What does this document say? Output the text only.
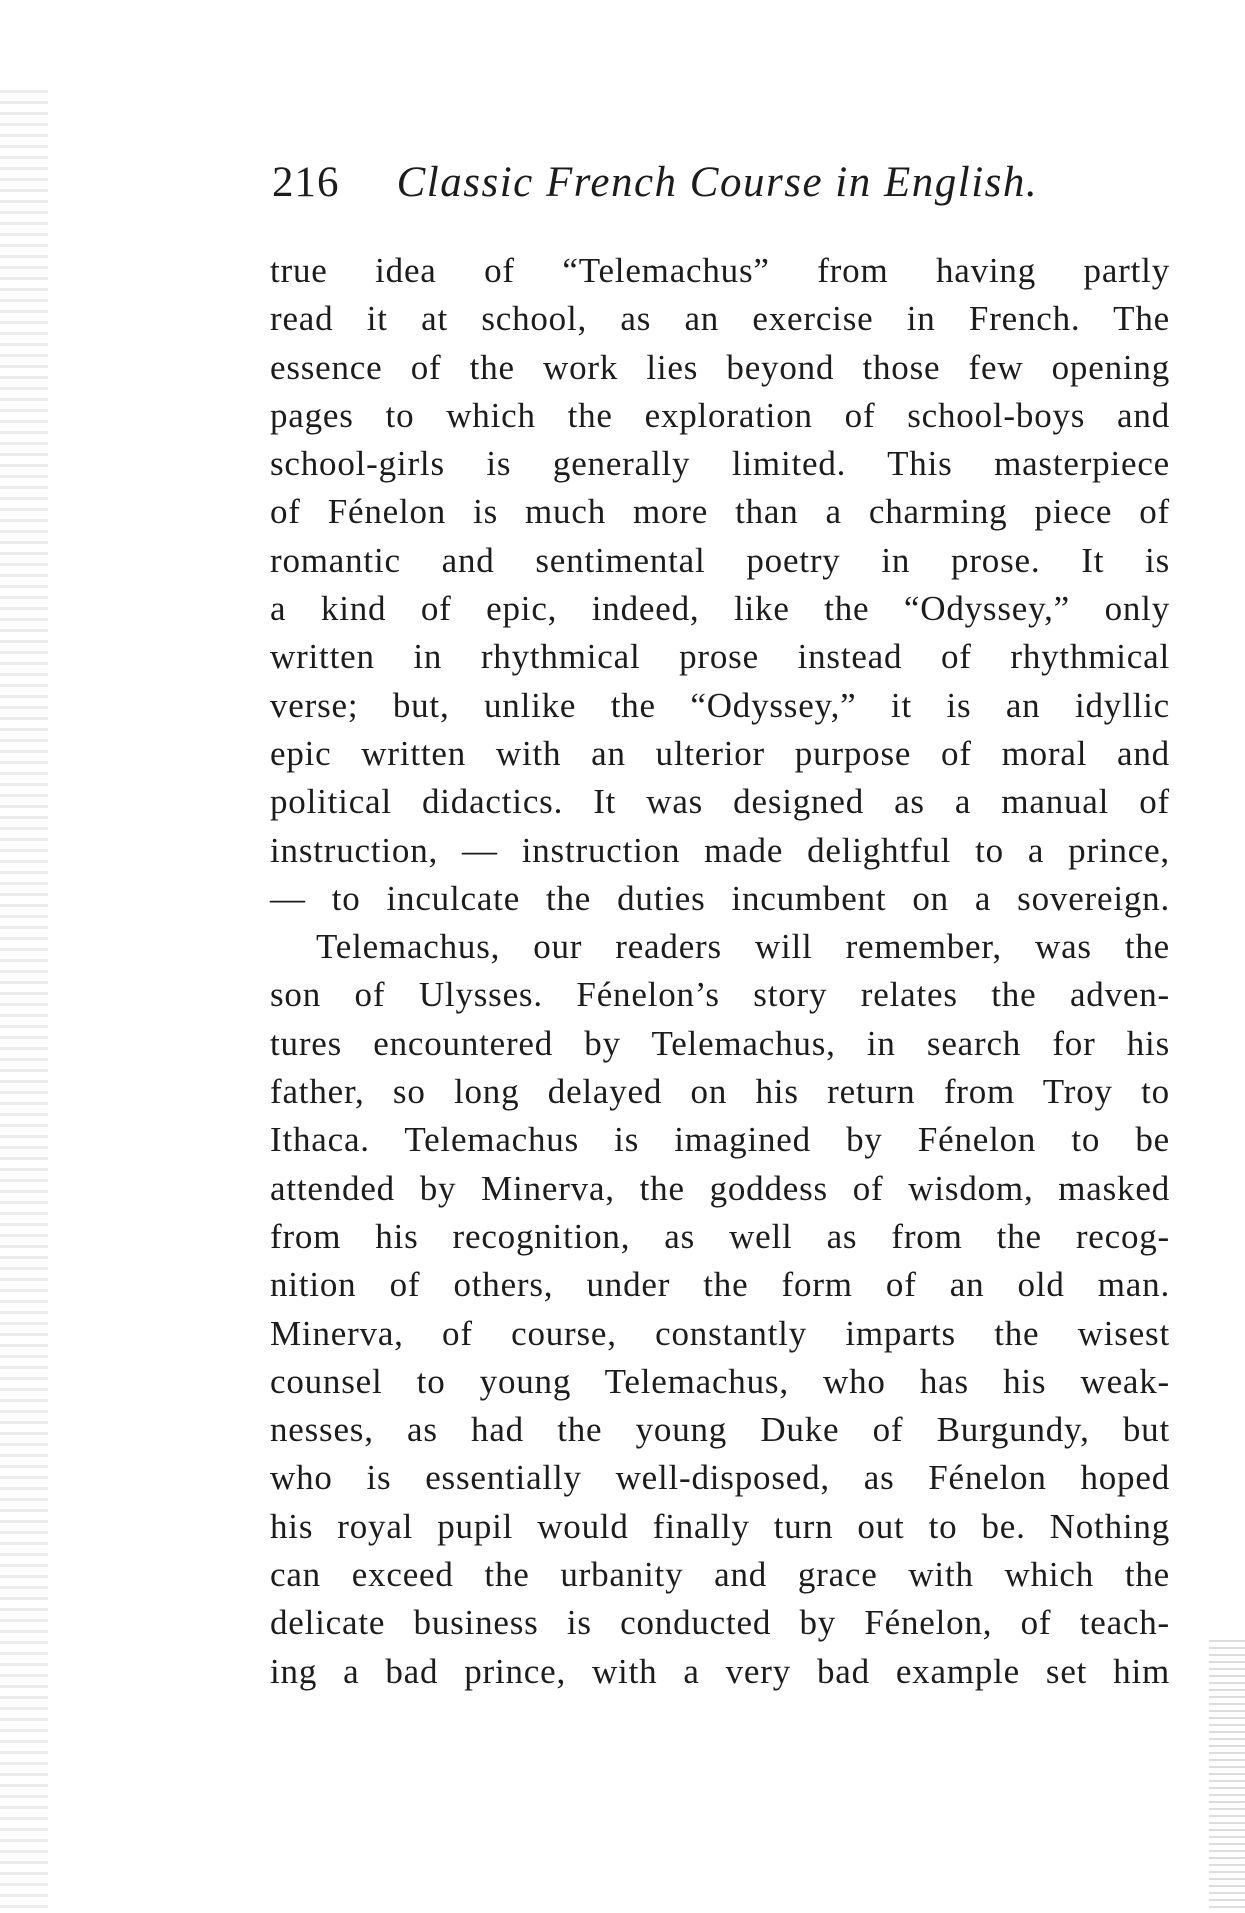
216 Classic French Course in English.
true idea of “Telemachus” from having partly
read it at school, as an exercise in French. The
essence of the work lies beyond those few opening
pages to which the exploration of school-boys and
school-girls is generally limited. This masterpiece
of Fénelon is much more than a charming piece of
romantic and sentimental poetry in prose. It is
a kind of epic, indeed, like the “Odyssey,” only
written in rhythmical prose instead of rhythmical
verse; but, unlike the “Odyssey,” it is an idyllic
epic written with an ulterior purpose of moral and
political didactics. It was designed as a manual of
instruction, — instruction made delightful to a prince,
— to inculcate the duties incumbent on a sovereign.
Telemachus, our readers will remember, was the
son of Ulysses. Fénelon’s story relates the adven-
tures encountered by Telemachus, in search for his
father, so long delayed on his return from Troy to
Ithaca. Telemachus is imagined by Fénelon to be
attended by Minerva, the goddess of wisdom, masked
from his recognition, as well as from the recog-
nition of others, under the form of an old man.
Minerva, of course, constantly imparts the wisest
counsel to young Telemachus, who has his weak-
nesses, as had the young Duke of Burgundy, but
who is essentially well-disposed, as Fénelon hoped
his royal pupil would finally turn out to be. Nothing
can exceed the urbanity and grace with which the
delicate business is conducted by Fénelon, of teach-
ing a bad prince, with a very bad example set him
